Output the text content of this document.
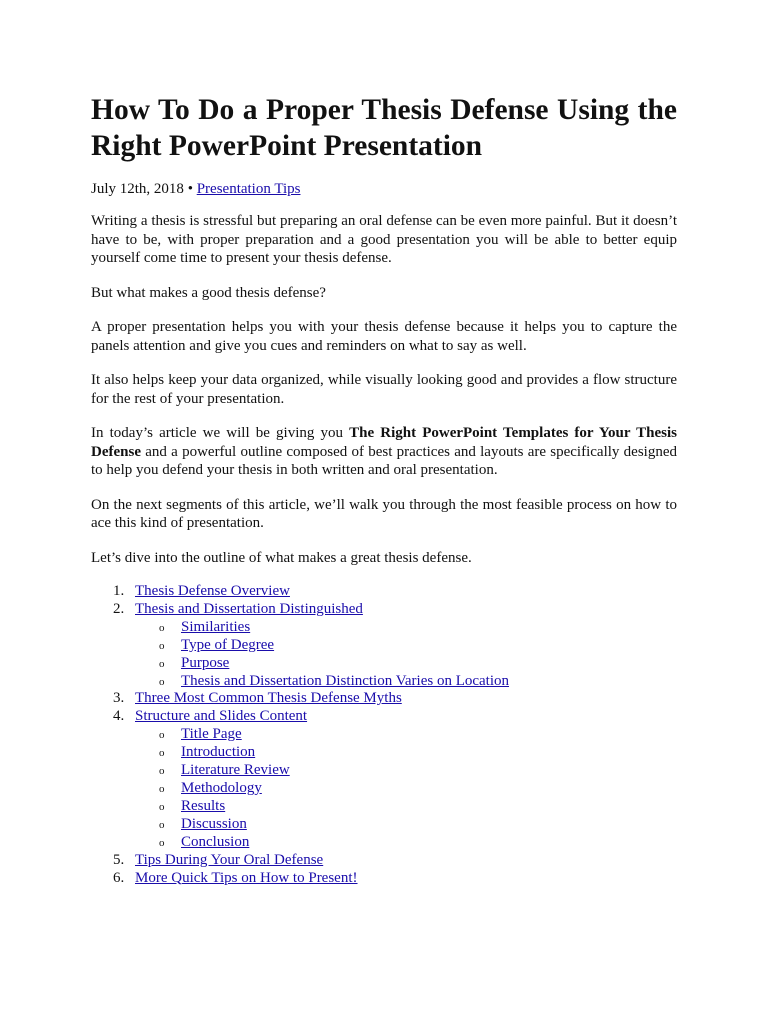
How To Do a Proper Thesis Defense Using the Right PowerPoint Presentation
July 12th, 2018 • Presentation Tips

Writing a thesis is stressful but preparing an oral defense can be even more painful. But it doesn’t have to be, with proper preparation and a good presentation you will be able to better equip yourself come time to present your thesis defense.

But what makes a good thesis defense?

A proper presentation helps you with your thesis defense because it helps you to capture the panels attention and give you cues and reminders on what to say as well.

It also helps keep your data organized, while visually looking good and provides a flow structure for the rest of your presentation.

In today’s article we will be giving you The Right PowerPoint Templates for Your Thesis Defense and a powerful outline composed of best practices and layouts are specifically designed to help you defend your thesis in both written and oral presentation.

On the next segments of this article, we’ll walk you through the most feasible process on how to ace this kind of presentation.

Let’s dive into the outline of what makes a great thesis defense.

1. Thesis Defense Overview
2. Thesis and Dissertation Distinguished
o Similarities
o Type of Degree
o Purpose
o Thesis and Dissertation Distinction Varies on Location
3. Three Most Common Thesis Defense Myths
4. Structure and Slides Content
o Title Page
o Introduction
o Literature Review
o Methodology
o Results
o Discussion
o Conclusion
5. Tips During Your Oral Defense
6. More Quick Tips on How to Present!
